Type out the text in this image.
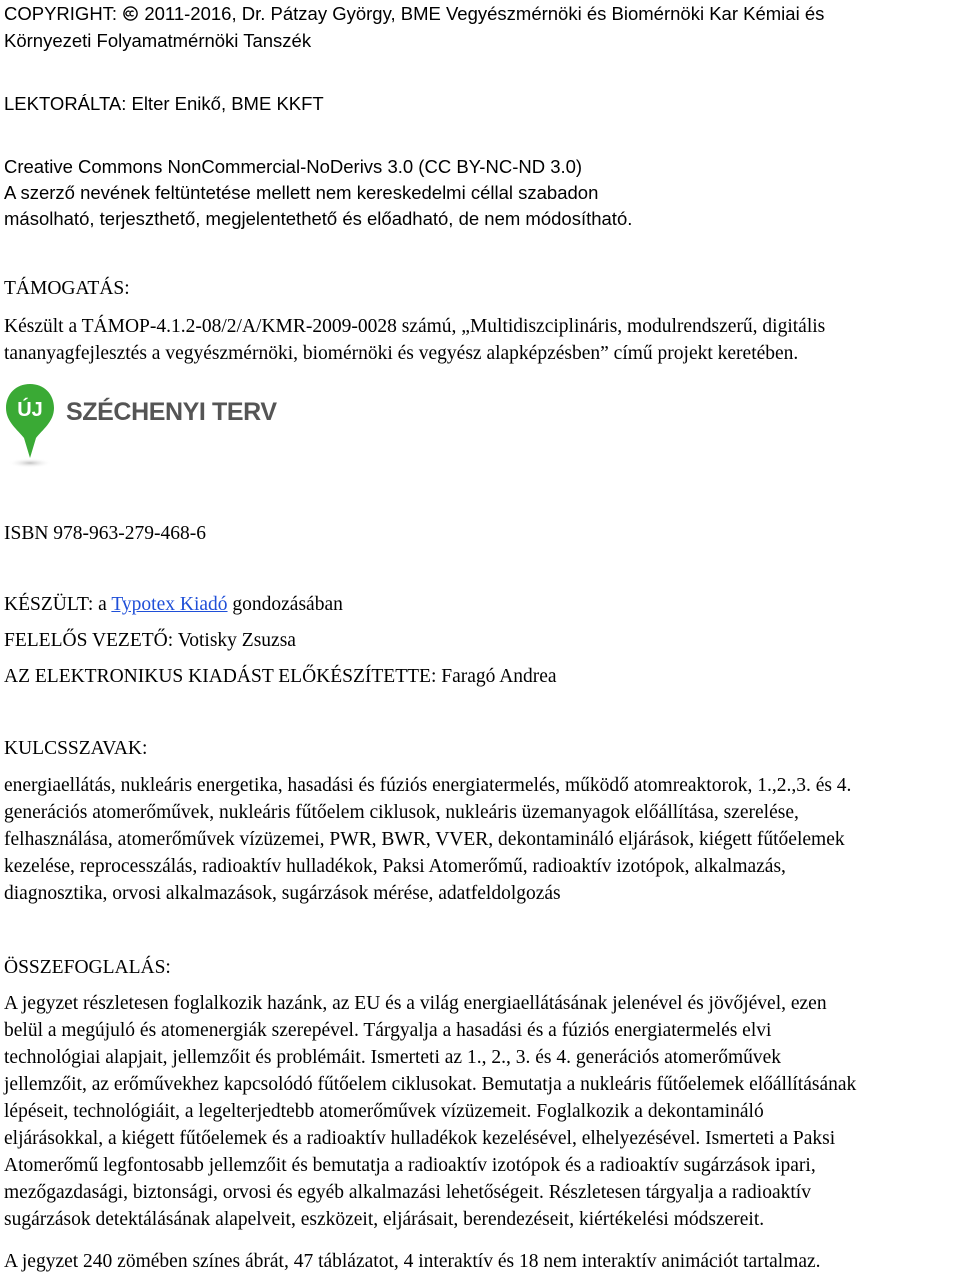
COPYRIGHT: 2011-2016, Dr. Pátzay György, BME Vegyészmérnöki és Biomérnöki Kar Kémiai és
Környezeti Folyamatmérnöki Tanszék
LEKTORÁLTA: Elter Enikő, BME KKFT
Creative Commons NonCommercial-NoDerivs 3.0 (CC BY-NC-ND 3.0)
A szerző nevének feltüntetése mellett nem kereskedelmi céllal szabadon
másolható, terjeszthető, megjelentethető és előadható, de nem módosítható.
TÁMOGATÁS:
Készült a TÁMOP-4.1.2-08/2/A/KMR-2009-0028 számú, „Multidiszciplináris, modulrendszerű, digitális
tananyagfejlesztés a vegyészmérnöki, biomérnöki és vegyész alapképzésben” című projekt keretében.
ÚJ SZÉCHENYI TERV
ISBN 978-963-279-468-6
KÉSZÜLT: a Typotex Kiadó gondozásában
FELELŐS VEZETŐ: Votisky Zsuzsa
AZ ELEKTRONIKUS KIADÁST ELŐKÉSZÍTETTE: Faragó Andrea
KULCSSZAVAK:
energiaellátás, nukleáris energetika, hasadási és fúziós energiatermelés, működő atomreaktorok, 1.,2.,3. és 4.
generációs atomerőművek, nukleáris fűtőelem ciklusok, nukleáris üzemanyagok előállítása, szerelése,
felhasználása, atomerőművek vízüzemei, PWR, BWR, VVER, dekontamináló eljárások, kiégett fűtőelemek
kezelése, reprocesszálás, radioaktív hulladékok, Paksi Atomerőmű, radioaktív izotópok, alkalmazás,
diagnosztika, orvosi alkalmazások, sugárzások mérése, adatfeldolgozás
ÖSSZEFOGLALÁS:
A jegyzet részletesen foglalkozik hazánk, az EU és a világ energiaellátásának jelenével és jövőjével, ezen
belül a megújuló és atomenergiák szerepével. Tárgyalja a hasadási és a fúziós energiatermelés elvi
technológiai alapjait, jellemzőit és problémáit. Ismerteti az 1., 2., 3. és 4. generációs atomerőművek
jellemzőit, az erőművekhez kapcsolódó fűtőelem ciklusokat. Bemutatja a nukleáris fűtőelemek előállításának
lépéseit, technológiáit, a legelterjedtebb atomerőművek vízüzemeit. Foglalkozik a dekontamináló
eljárásokkal, a kiégett fűtőelemek és a radioaktív hulladékok kezelésével, elhelyezésével. Ismerteti a Paksi
Atomerőmű legfontosabb jellemzőit és bemutatja a radioaktív izotópok és a radioaktív sugárzások ipari,
mezőgazdasági, biztonsági, orvosi és egyéb alkalmazási lehetőségeit. Részletesen tárgyalja a radioaktív
sugárzások detektálásának alapelveit, eszközeit, eljárásait, berendezéseit, kiértékelési módszereit.
A jegyzet 240 zömében színes ábrát, 47 táblázatot, 4 interaktív és 18 nem interaktív animációt tartalmaz.
